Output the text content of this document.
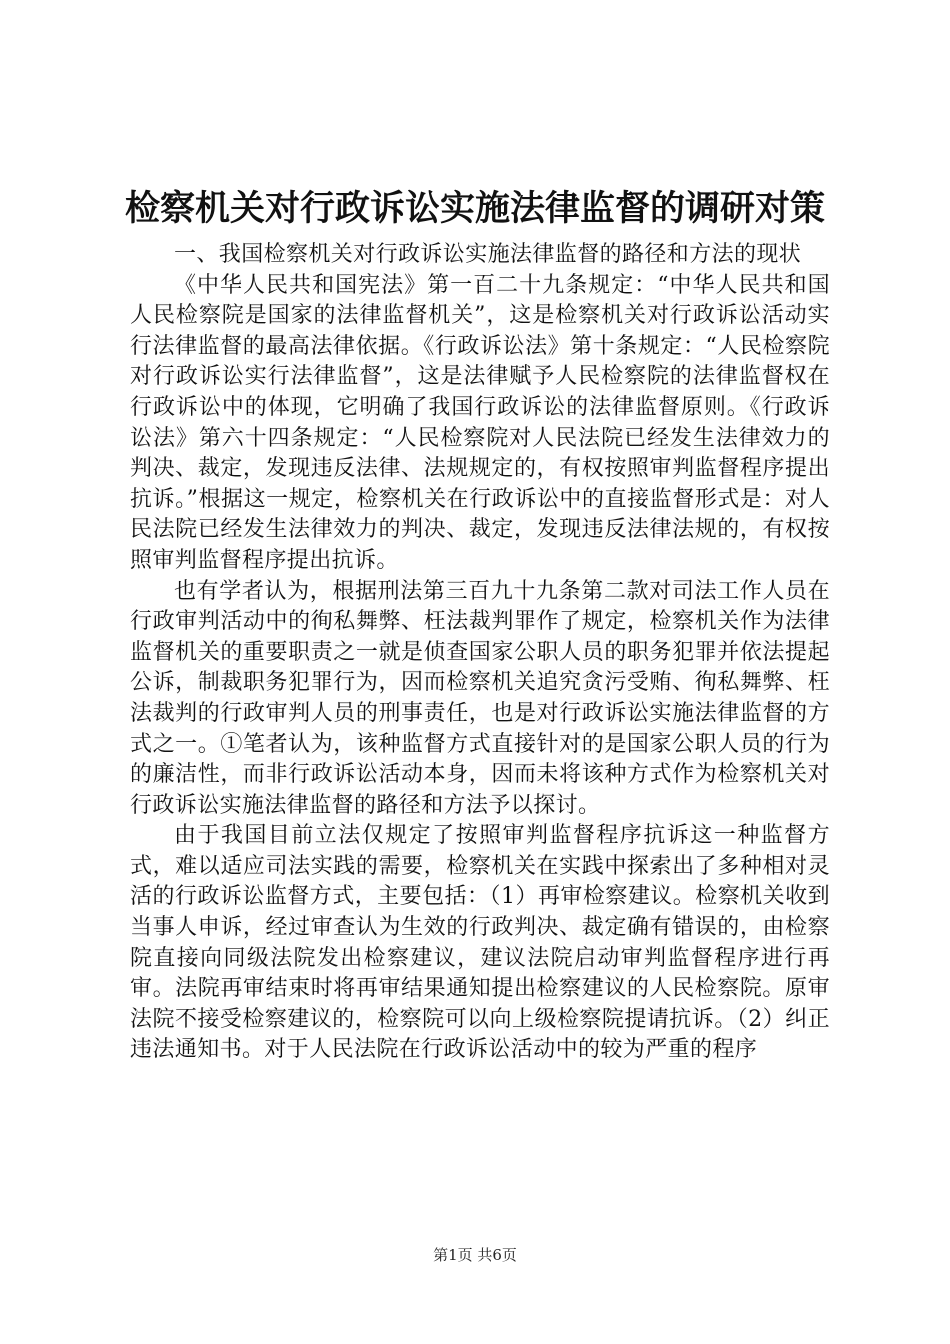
检察机关对行政诉讼实施法律监督的调研对策

一、我国检察机关对行政诉讼实施法律监督的路径和方法的现状

《中华人民共和国宪法》第一百二十九条规定：“中华人民共和国人民检察院是国家的法律监督机关”，这是检察机关对行政诉讼活动实行法律监督的最高法律依据。《行政诉讼法》第十条规定：“人民检察院对行政诉讼实行法律监督”，这是法律赋予人民检察院的法律监督权在行政诉讼中的体现，它明确了我国行政诉讼的法律监督原则。《行政诉讼法》第六十四条规定：“人民检察院对人民法院已经发生法律效力的判决、裁定，发现违反法律、法规规定的，有权按照审判监督程序提出抗诉。”根据这一规定，检察机关在行政诉讼中的直接监督形式是：对人民法院已经发生法律效力的判决、裁定，发现违反法律法规的，有权按照审判监督程序提出抗诉。

也有学者认为，根据刑法第三百九十九条第二款对司法工作人员在行政审判活动中的徇私舞弊、枉法裁判罪作了规定，检察机关作为法律监督机关的重要职责之一就是侦查国家公职人员的职务犯罪并依法提起公诉，制裁职务犯罪行为，因而检察机关追究贪污受贿、徇私舞弊、枉法裁判的行政审判人员的刑事责任，也是对行政诉讼实施法律监督的方式之一。①笔者认为，该种监督方式直接针对的是国家公职人员的行为的廉洁性，而非行政诉讼活动本身，因而未将该种方式作为检察机关对行政诉讼实施法律监督的路径和方法予以探讨。

由于我国目前立法仅规定了按照审判监督程序抗诉这一种监督方式，难以适应司法实践的需要，检察机关在实践中探索出了多种相对灵活的行政诉讼监督方式，主要包括：（1）再审检察建议。检察机关收到当事人申诉，经过审查认为生效的行政判决、裁定确有错误的，由检察院直接向同级法院发出检察建议，建议法院启动审判监督程序进行再审。法院再审结束时将再审结果通知提出检察建议的人民检察院。原审法院不接受检察建议的，检察院可以向上级检察院提请抗诉。（2）纠正违法通知书。对于人民法院在行政诉讼活动中的较为严重的程序

第1页 共6页
